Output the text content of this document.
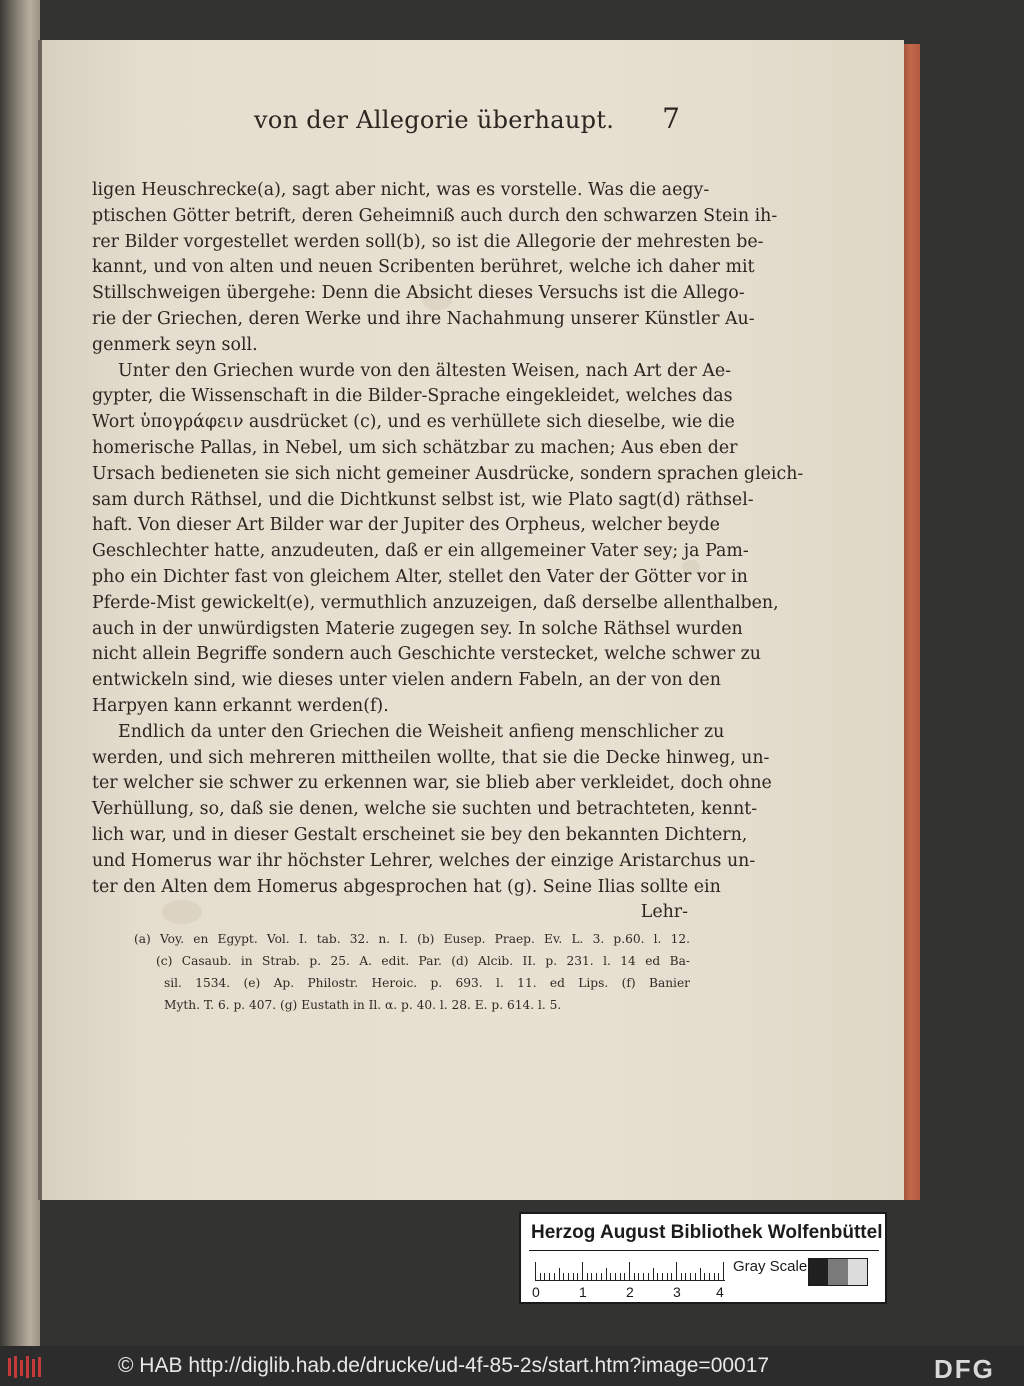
von der Allegorie überhaupt. 7
ligen Heuschrecke(a), sagt aber nicht, was es vorstelle. Was die aegy-
ptischen Götter betrift, deren Geheimniß auch durch den schwarzen Stein ih-
rer Bilder vorgestellet werden soll(b), so ist die Allegorie der mehresten be-
kannt, und von alten und neuen Scribenten berühret, welche ich daher mit
Stillschweigen übergehe: Denn die Absicht dieses Versuchs ist die Allego-
rie der Griechen, deren Werke und ihre Nachahmung unserer Künstler Au-
genmerk seyn soll.
Unter den Griechen wurde von den ältesten Weisen, nach Art der Ae-
gypter, die Wissenschaft in die Bilder-Sprache eingekleidet, welches das
Wort ὑπογράφειν ausdrücket (c), und es verhüllete sich dieselbe, wie die
homerische Pallas, in Nebel, um sich schätzbar zu machen; Aus eben der
Ursach bedieneten sie sich nicht gemeiner Ausdrücke, sondern sprachen gleich-
sam durch Räthsel, und die Dichtkunst selbst ist, wie Plato sagt(d) räthsel-
haft. Von dieser Art Bilder war der Jupiter des Orpheus, welcher beyde
Geschlechter hatte, anzudeuten, daß er ein allgemeiner Vater sey; ja Pam-
pho ein Dichter fast von gleichem Alter, stellet den Vater der Götter vor in
Pferde-Mist gewickelt(e), vermuthlich anzuzeigen, daß derselbe allenthalben,
auch in der unwürdigsten Materie zugegen sey. In solche Räthsel wurden
nicht allein Begriffe sondern auch Geschichte verstecket, welche schwer zu
entwickeln sind, wie dieses unter vielen andern Fabeln, an der von den
Harpyen kann erkannt werden(f).
Endlich da unter den Griechen die Weisheit anfieng menschlicher zu
werden, und sich mehreren mittheilen wollte, that sie die Decke hinweg, un-
ter welcher sie schwer zu erkennen war, sie blieb aber verkleidet, doch ohne
Verhüllung, so, daß sie denen, welche sie suchten und betrachteten, kennt-
lich war, und in dieser Gestalt erscheinet sie bey den bekannten Dichtern,
und Homerus war ihr höchster Lehrer, welches der einzige Aristarchus un-
ter den Alten dem Homerus abgesprochen hat (g). Seine Ilias sollte ein
Lehr-
(a) Voy. en Egypt. Vol. I. tab. 32. n. I. (b) Eusep. Praep. Ev. L. 3. p.60. l. 12.
(c) Casaub. in Strab. p. 25. A. edit. Par. (d) Alcib. II. p. 231. l. 14 ed Ba-
sil. 1534. (e) Ap. Philostr. Heroic. p. 693. l. 11. ed Lips. (f) Banier
Myth. T. 6. p. 407. (g) Eustath in Il. α. p. 40. l. 28. E. p. 614. l. 5.
Herzog August Bibliothek Wolfenbüttel
0	1	2	3	4
Gray Scale
© HAB http://diglib.hab.de/drucke/ud-4f-85-2s/start.htm?image=00017	DFG
